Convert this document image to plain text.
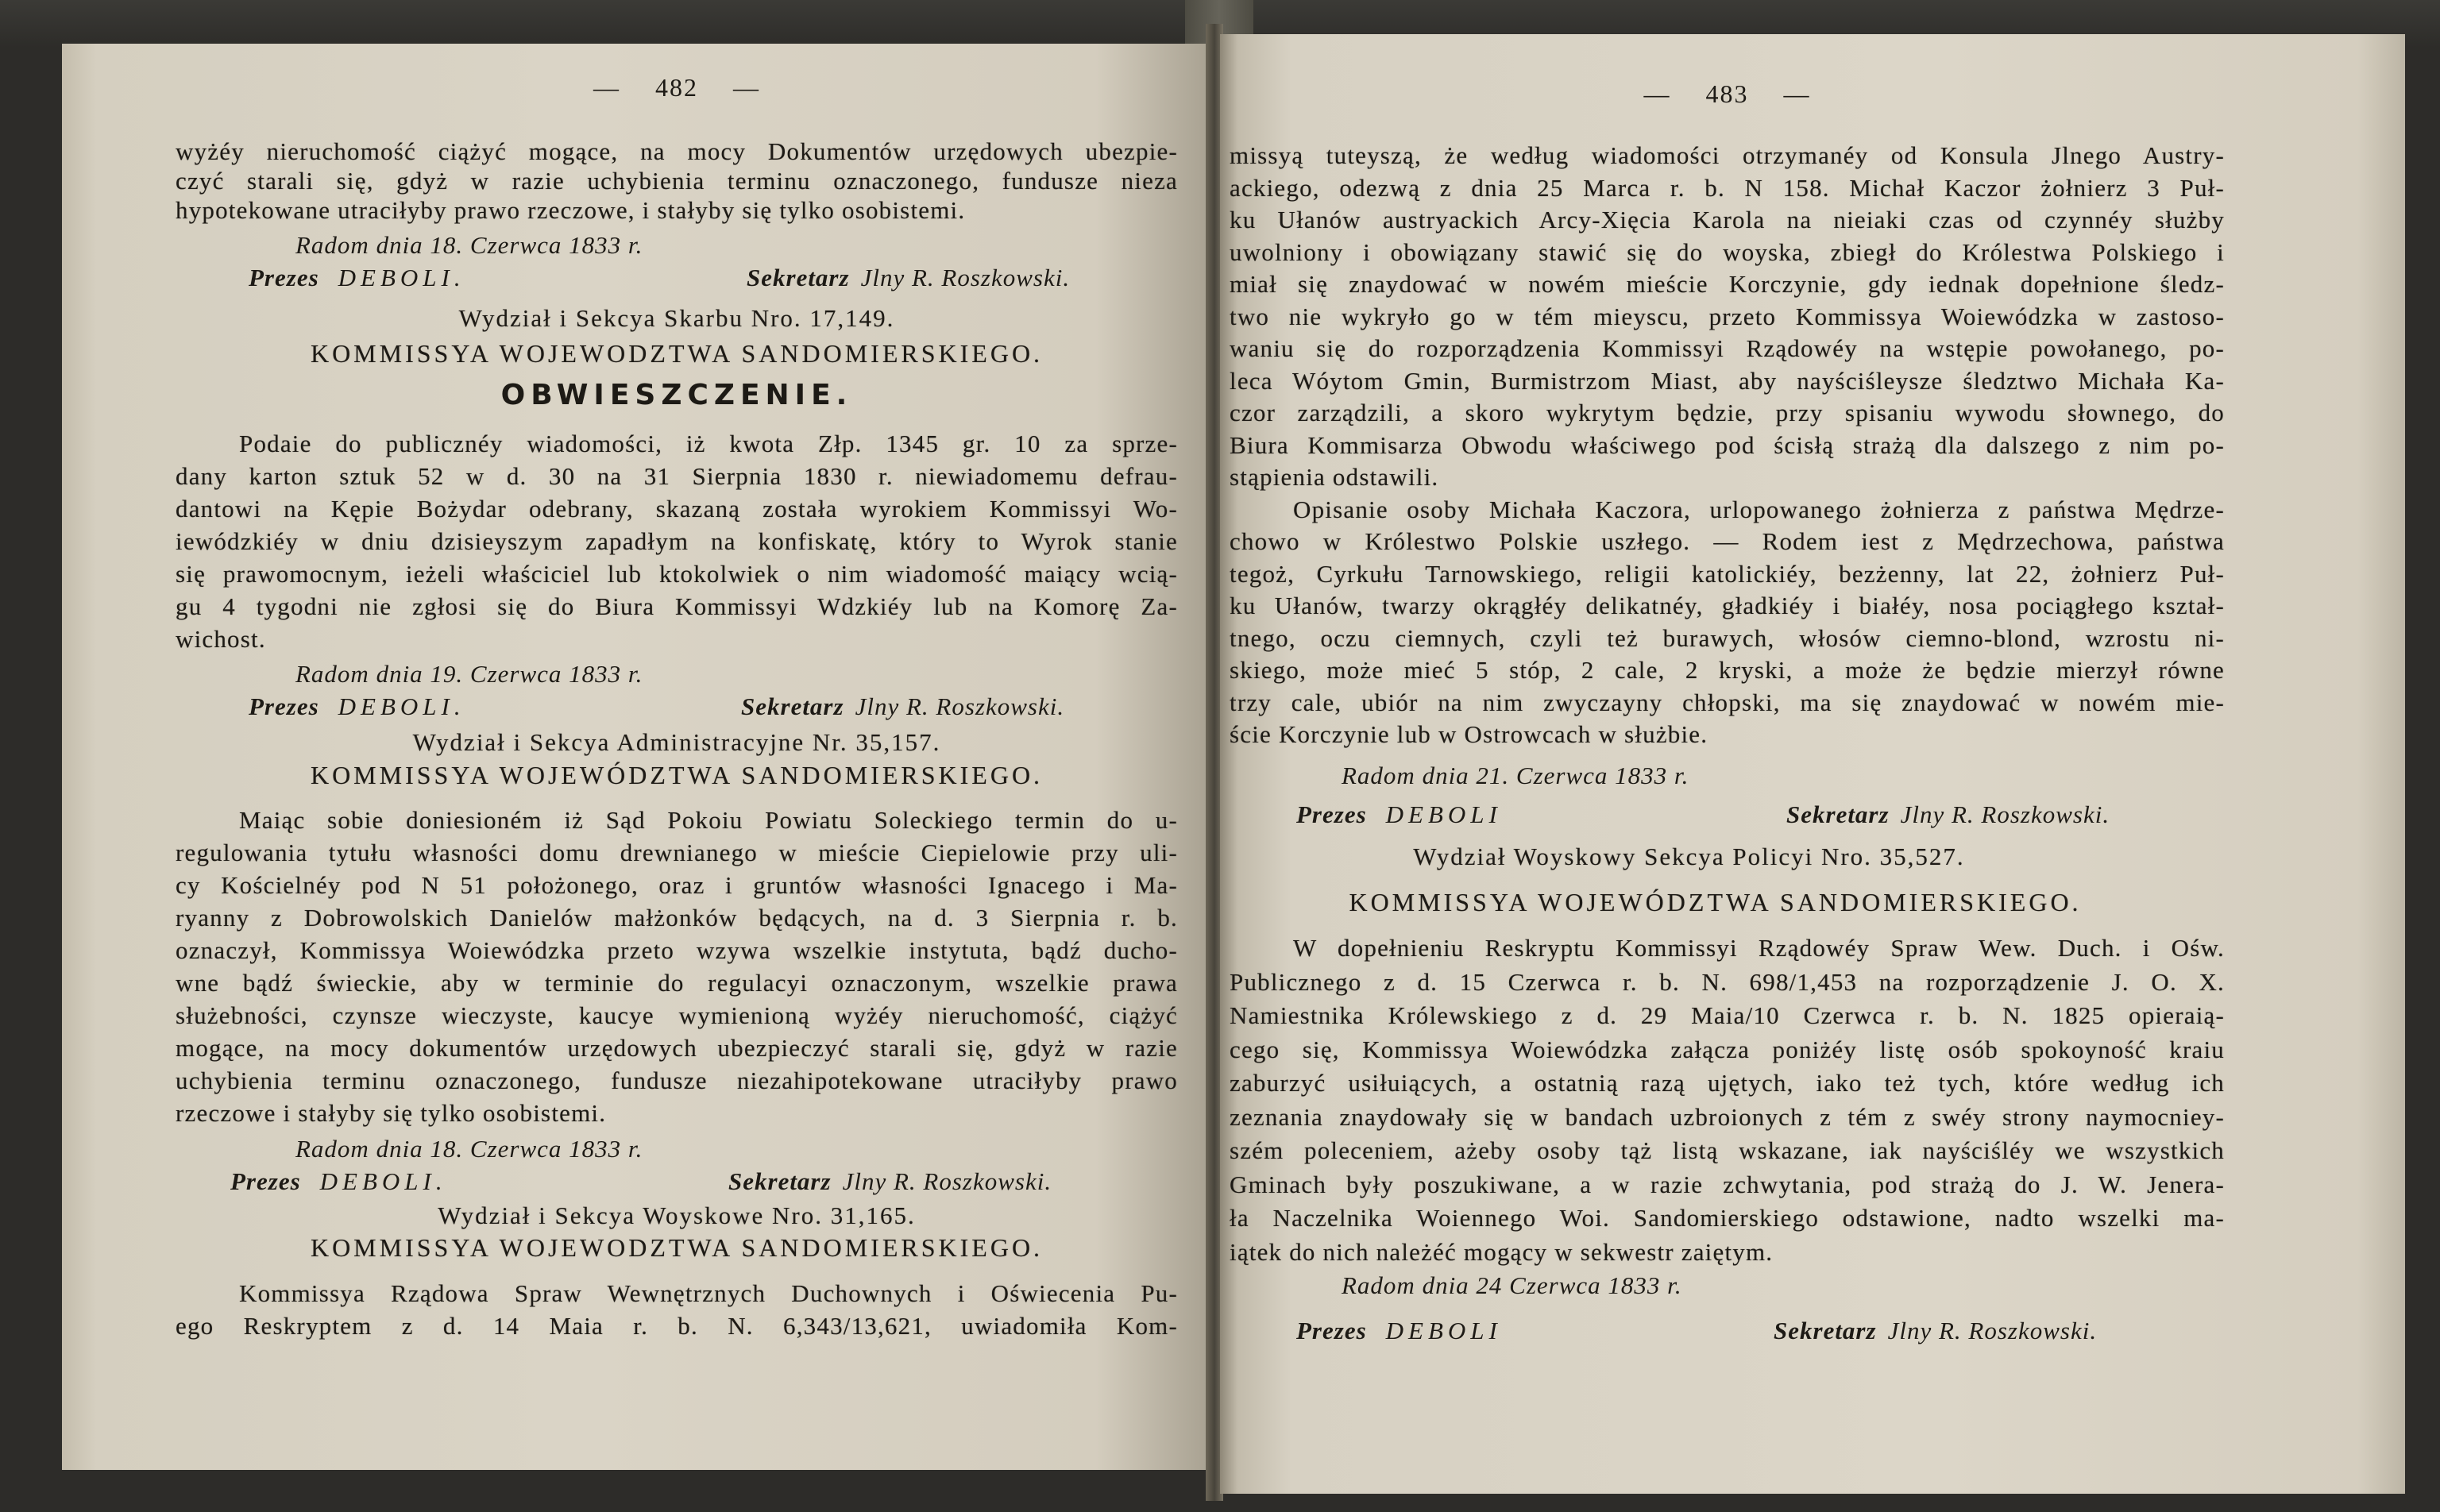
— 482 —
wyżéy nieruchomość ciążyć mogące, na mocy Dokumentów urzędowych ubezpie-
czyć starali się, gdyż w razie uchybienia terminu oznaczonego, fundusze nieza
hypotekowane utraciłyby prawo rzeczowe, i stałyby się tylko osobistemi.
Radom dnia 18. Czerwca 1833 r.
Prezes DEBOLI.	Sekretarz Jlny R. Roszkowski.
Wydział i Sekcya Skarbu Nro. 17,149.
KOMMISSYA WOJEWODZTWA SANDOMIERSKIEGO.
OBWIESZCZENIE.
Podaie do publicznéy wiadomości, iż kwota Złp. 1345 gr. 10 za sprze-
dany karton sztuk 52 w d. 30 na 31 Sierpnia 1830 r. niewiadomemu defrau-
dantowi na Kępie Bożydar odebrany, skazaną została wyrokiem Kommissyi Wo-
iewódzkiéy w dniu dzisieyszym zapadłym na konfiskatę, który to Wyrok stanie
się prawomocnym, ieżeli właściciel lub ktokolwiek o nim wiadomość maiący wcią-
gu 4 tygodni nie zgłosi się do Biura Kommissyi Wdzkiéy lub na Komorę Za-
wichost.
Radom dnia 19. Czerwca 1833 r.
Prezes DEBOLI.	Sekretarz Jlny R. Roszkowski.
Wydział i Sekcya Administracyjne Nr. 35,157.
KOMMISSYA WOJEWÓDZTWA SANDOMIERSKIEGO.
Maiąc sobie doniesioném iż Sąd Pokoiu Powiatu Soleckiego termin do u-
regulowania tytułu własności domu drewnianego w mieście Ciepielowie przy uli-
cy Kościelnéy pod N 51 położonego, oraz i gruntów własności Ignacego i Ma-
ryanny z Dobrowolskich Danielów małżonków będących, na d. 3 Sierpnia r. b.
oznaczył, Kommissya Woiewódzka przeto wzywa wszelkie instytuta, bądź ducho-
wne bądź świeckie, aby w terminie do regulacyi oznaczonym, wszelkie prawa
służebności, czynsze wieczyste, kaucye wymienioną wyżéy nieruchomość, ciążyć
mogące, na mocy dokumentów urzędowych ubezpieczyć starali się, gdyż w razie
uchybienia terminu oznaczonego, fundusze niezahipotekowane utraciłyby prawo
rzeczowe i stałyby się tylko osobistemi.
Radom dnia 18. Czerwca 1833 r.
Prezes DEBOLI.	Sekretarz Jlny R. Roszkowski.
Wydział i Sekcya Woyskowe Nro. 31,165.
KOMMISSYA WOJEWODZTWA SANDOMIERSKIEGO.
Kommissya Rządowa Spraw Wewnętrznych Duchownych i Oświecenia Pu-
ego Reskryptem z d. 14 Maia r. b. N. 6,343/13,621, uwiadomiła Kom-
— 483 —
missyą tuteyszą, że według wiadomości otrzymanéy od Konsula Jlnego Austry-
ackiego, odezwą z dnia 25 Marca r. b. N 158. Michał Kaczor żołnierz 3 Puł-
ku Ułanów austryackich Arcy-Xięcia Karola na nieiaki czas od czynnéy służby
uwolniony i obowiązany stawić się do woyska, zbiegł do Królestwa Polskiego i
miał się znaydować w nowém mieście Korczynie, gdy iednak dopełnione śledz-
two nie wykryło go w tém mieyscu, przeto Kommissya Woiewódzka w zastoso-
waniu się do rozporządzenia Kommissyi Rządowéy na wstępie powołanego, po-
leca Wóytom Gmin, Burmistrzom Miast, aby nayściśleysze śledztwo Michała Ka-
czor zarządzili, a skoro wykrytym będzie, przy spisaniu wywodu słownego, do
Biura Kommisarza Obwodu właściwego pod ścisłą strażą dla dalszego z nim po-
stąpienia odstawili.
Opisanie osoby Michała Kaczora, urlopowanego żołnierza z państwa Mędrze-
chowo w Królestwo Polskie uszłego. — Rodem iest z Mędrzechowa, państwa
tegoż, Cyrkułu Tarnowskiego, religii katolickiéy, bezżenny, lat 22, żołnierz Puł-
ku Ułanów, twarzy okrągłéy delikatnéy, gładkiéy i białéy, nosa pociągłego kształ-
tnego, oczu ciemnych, czyli też burawych, włosów ciemno-blond, wzrostu ni-
skiego, może mieć 5 stóp, 2 cale, 2 kryski, a może że będzie mierzył równe
trzy cale, ubiór na nim zwyczayny chłopski, ma się znaydować w nowém mie-
ście Korczynie lub w Ostrowcach w służbie.
Radom dnia 21. Czerwca 1833 r.
Prezes DEBOLI	Sekretarz Jlny R. Roszkowski.
Wydział Woyskowy Sekcya Policyi Nro. 35,527.
KOMMISSYA WOJEWÓDZTWA SANDOMIERSKIEGO.
W dopełnieniu Reskryptu Kommissyi Rządowéy Spraw Wew. Duch. i Ośw.
Publicznego z d. 15 Czerwca r. b. N. 698/1,453 na rozporządzenie J. O. X.
Namiestnika Królewskiego z d. 29 Maia/10 Czerwca r. b. N. 1825 opieraią-
cego się, Kommissya Woiewódzka załącza poniżéy listę osób spokoyność kraiu
zaburzyć usiłuiących, a ostatnią razą ujętych, iako też tych, które według ich
zeznania znaydowały się w bandach uzbroionych z tém z swéy strony naymocniey-
szém poleceniem, ażeby osoby tąż listą wskazane, iak nayściśléy we wszystkich
Gminach były poszukiwane, a w razie zchwytania, pod strażą do J. W. Jenera-
ła Naczelnika Woiennego Woi. Sandomierskiego odstawione, nadto wszelki ma-
iątek do nich należéć mogący w sekwestr zaiętym.
Radom dnia 24 Czerwca 1833 r.
Prezes DEBOLI	Sekretarz Jlny R. Roszkowski.
